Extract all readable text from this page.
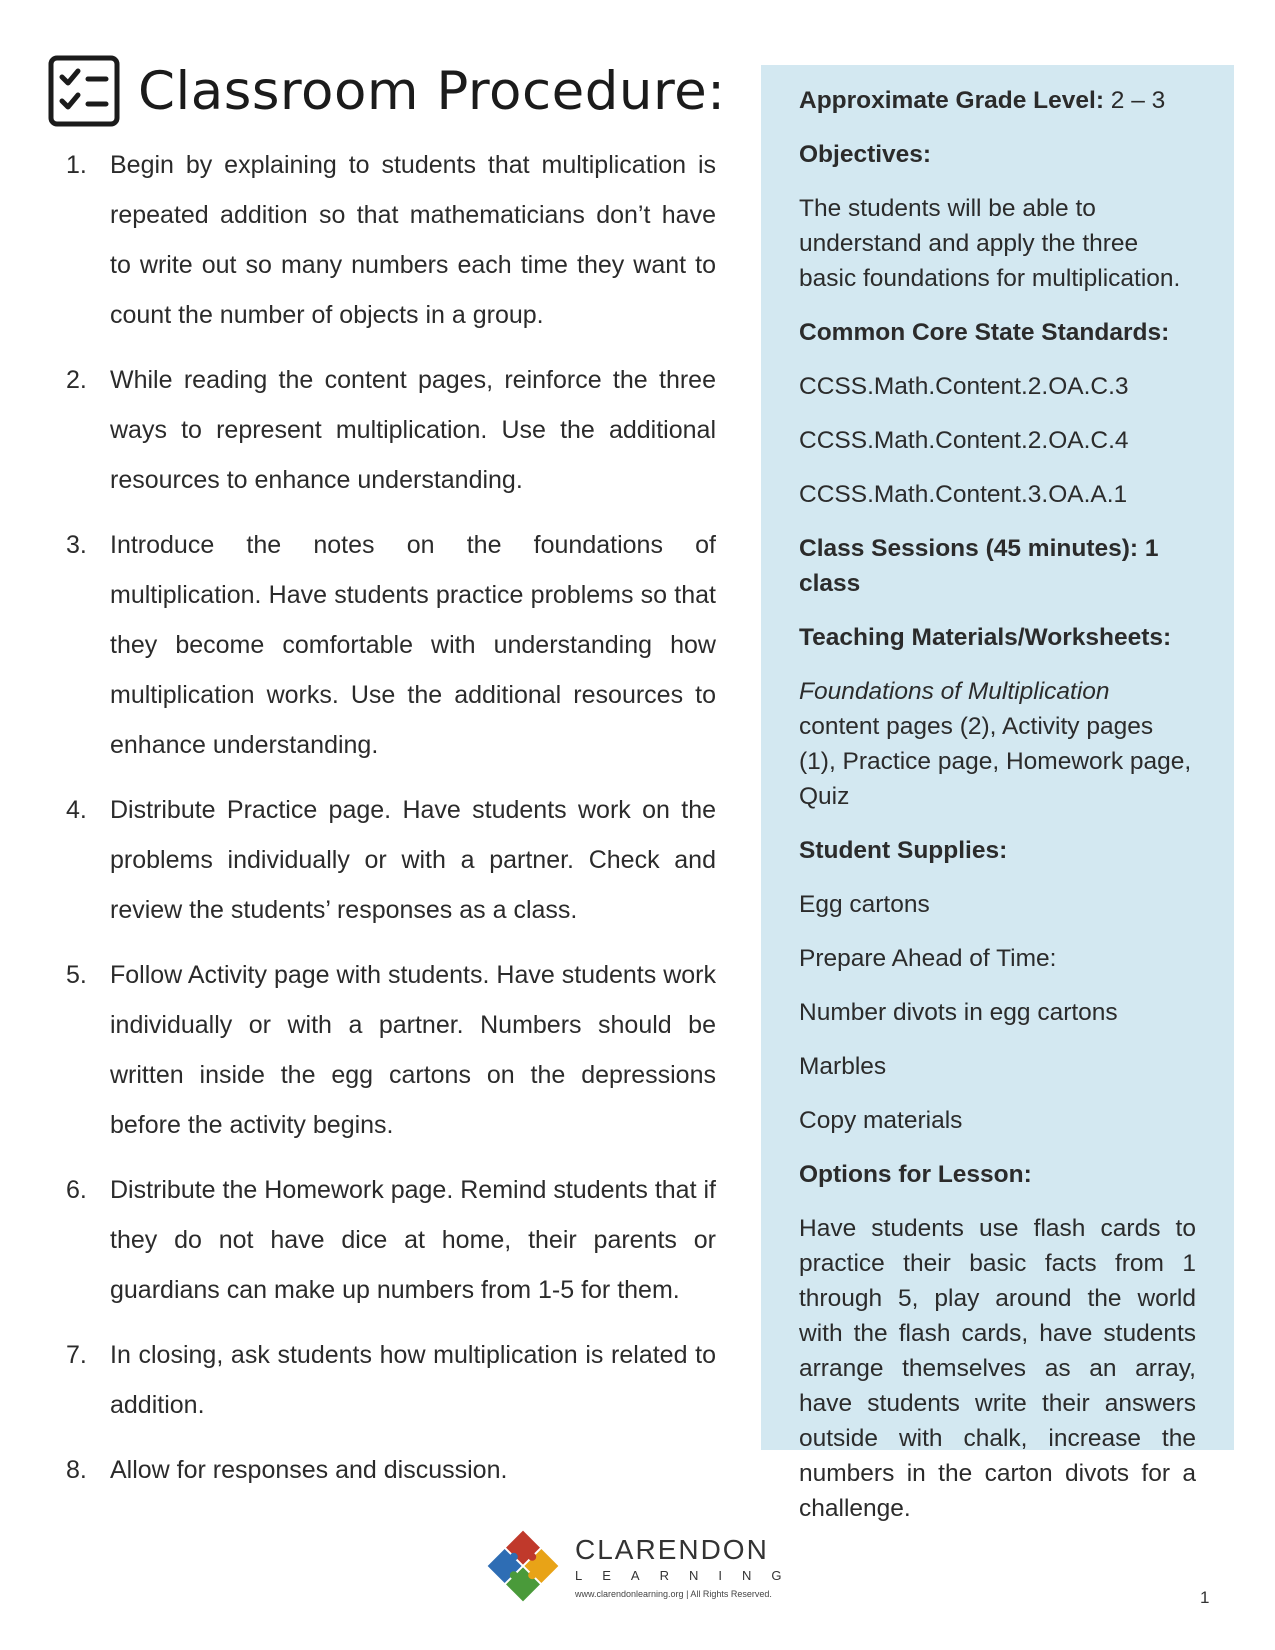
Classroom Procedure:
1. Begin by explaining to students that multiplication is repeated addition so that mathematicians don’t have to write out so many numbers each time they want to count the number of objects in a group.
2. While reading the content pages, reinforce the three ways to represent multiplication. Use the additional resources to enhance understanding.
3. Introduce the notes on the foundations of multiplication. Have students practice problems so that they become comfortable with understanding how multiplication works. Use the additional resources to enhance understanding.
4. Distribute Practice page. Have students work on the problems individually or with a partner. Check and review the students’ responses as a class.
5. Follow Activity page with students. Have students work individually or with a partner. Numbers should be written inside the egg cartons on the depressions before the activity begins.
6. Distribute the Homework page. Remind students that if they do not have dice at home, their parents or guardians can make up numbers from 1-5 for them.
7. In closing, ask students how multiplication is related to addition.
8. Allow for responses and discussion.

Approximate Grade Level: 2 – 3

Objectives:

The students will be able to understand and apply the three basic foundations for multiplication.

Common Core State Standards:

CCSS.Math.Content.2.OA.C.3

CCSS.Math.Content.2.OA.C.4

CCSS.Math.Content.3.OA.A.1

Class Sessions (45 minutes): 1 class

Teaching Materials/Worksheets:

Foundations of Multiplication content pages (2), Activity pages (1), Practice page, Homework page, Quiz

Student Supplies:

Egg cartons

Prepare Ahead of Time:

Number divots in egg cartons

Marbles

Copy materials

Options for Lesson:

Have students use flash cards to practice their basic facts from 1 through 5, play around the world with the flash cards, have students arrange themselves as an array, have students write their answers outside with chalk, increase the numbers in the carton divots for a challenge.

CLARENDON
LEARNING
www.clarendonlearning.org | All Rights Reserved.	1
